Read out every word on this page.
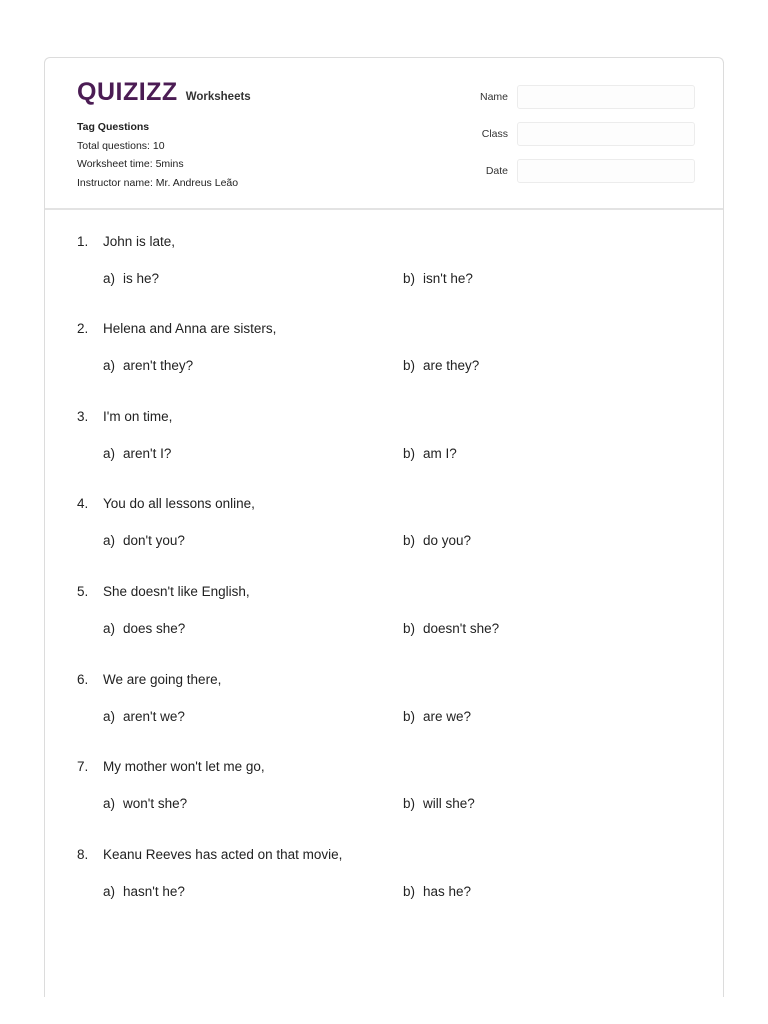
QUIZIZZ Worksheets
Tag Questions
Total questions: 10
Worksheet time: 5mins
Instructor name: Mr. Andreus Leão
Name
Class
Date
1.	John is late,
a) is he?	b) isn't he?
2.	Helena and Anna are sisters,
a) aren't they?	b) are they?
3.	I'm on time,
a) aren't I?	b) am I?
4.	You do all lessons online,
a) don't you?	b) do you?
5.	She doesn't like English,
a) does she?	b) doesn't she?
6.	We are going there,
a) aren't we?	b) are we?
7.	My mother won't let me go,
a) won't she?	b) will she?
8.	Keanu Reeves has acted on that movie,
a) hasn't he?	b) has he?
